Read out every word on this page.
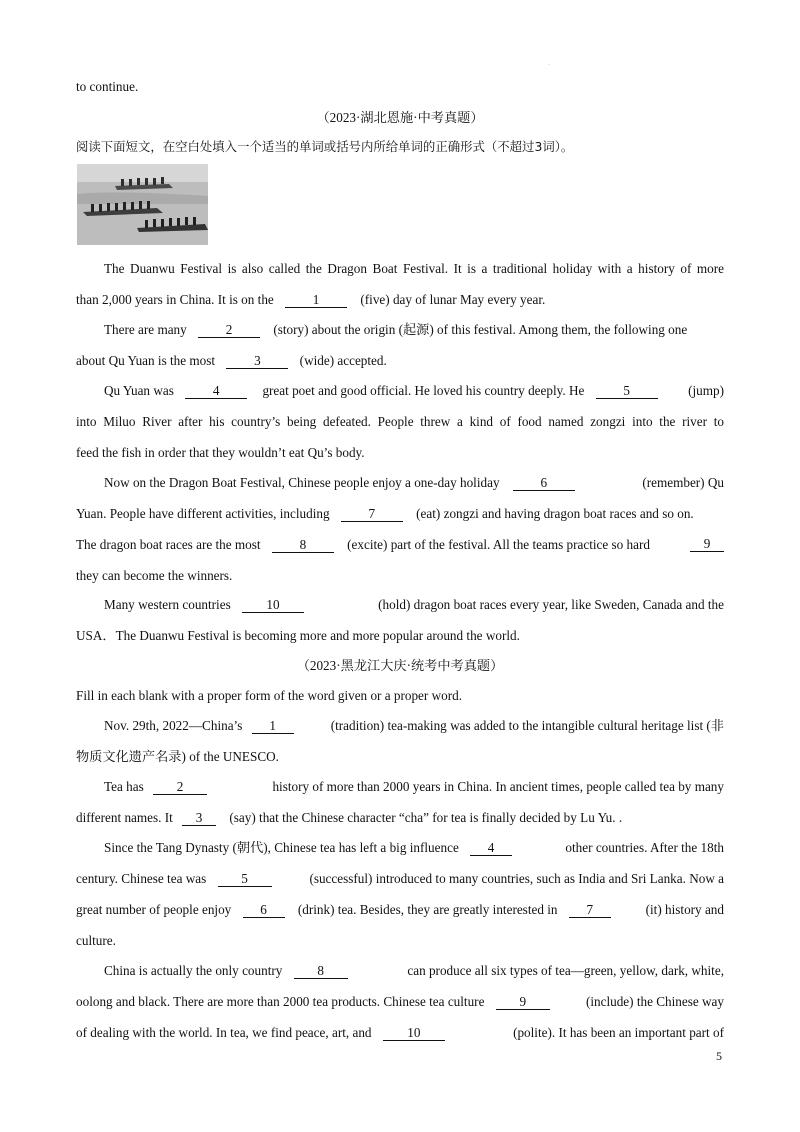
·
to continue.
（2023·湖北恩施·中考真题）
阅读下面短文，在空白处填入一个适当的单词或括号内所给单词的正确形式（不超过3词）。
The Duanwu Festival is also called the Dragon Boat Festival. It is a traditional holiday with a history of more
than 2,000 years in China. It is on the	1	(five) day of lunar May every year.
There are many	2	(story) about the origin (起源) of this festival. Among them, the following one
about Qu Yuan is the most	3	(wide) accepted.
Qu Yuan was	4	great poet and good official. He loved his country deeply. He	5	(jump)
into Miluo River after his country’s being defeated. People threw a kind of food named zongzi into the river to
feed the fish in order that they wouldn’t eat Qu’s body.
Now on the Dragon Boat Festival, Chinese people enjoy a one-day holiday	6	(remember) Qu
Yuan. People have different activities, including	7	(eat) zongzi and having dragon boat races and so on.
The dragon boat races are the most	8	(excite) part of the festival. All the teams practice so hard	9
they can become the winners.
Many western countries	10	(hold) dragon boat races every year, like Sweden, Canada and the
USA．The Duanwu Festival is becoming more and more popular around the world.
（2023·黑龙江大庆·统考中考真题）
Fill in each blank with a proper form of the word given or a proper word.
Nov. 29th, 2022—China’s 1	(tradition) tea-making was added to the intangible cultural heritage list (非
物质文化遗产名录) of the UNESCO.
Tea has	2	history of more than 2000 years in China. In ancient times, people called tea by many
different names. It 3 (say) that the Chinese character “cha” for tea is finally decided by Lu Yu. .
Since the Tang Dynasty (朝代), Chinese tea has left a big influence 4	other countries. After the 18th
century. Chinese tea was	5	(successful) introduced to many countries, such as India and Sri Lanka. Now a
great number of people enjoy 6 (drink) tea. Besides, they are greatly interested in 7	(it) history and
culture.
China is actually the only country	8	can produce all six types of tea—green, yellow, dark, white,
oolong and black. There are more than 2000 tea products. Chinese tea culture	9	(include) the Chinese way
of dealing with the world. In tea, we find peace, art, and	10	(polite). It has been an important part of
5
